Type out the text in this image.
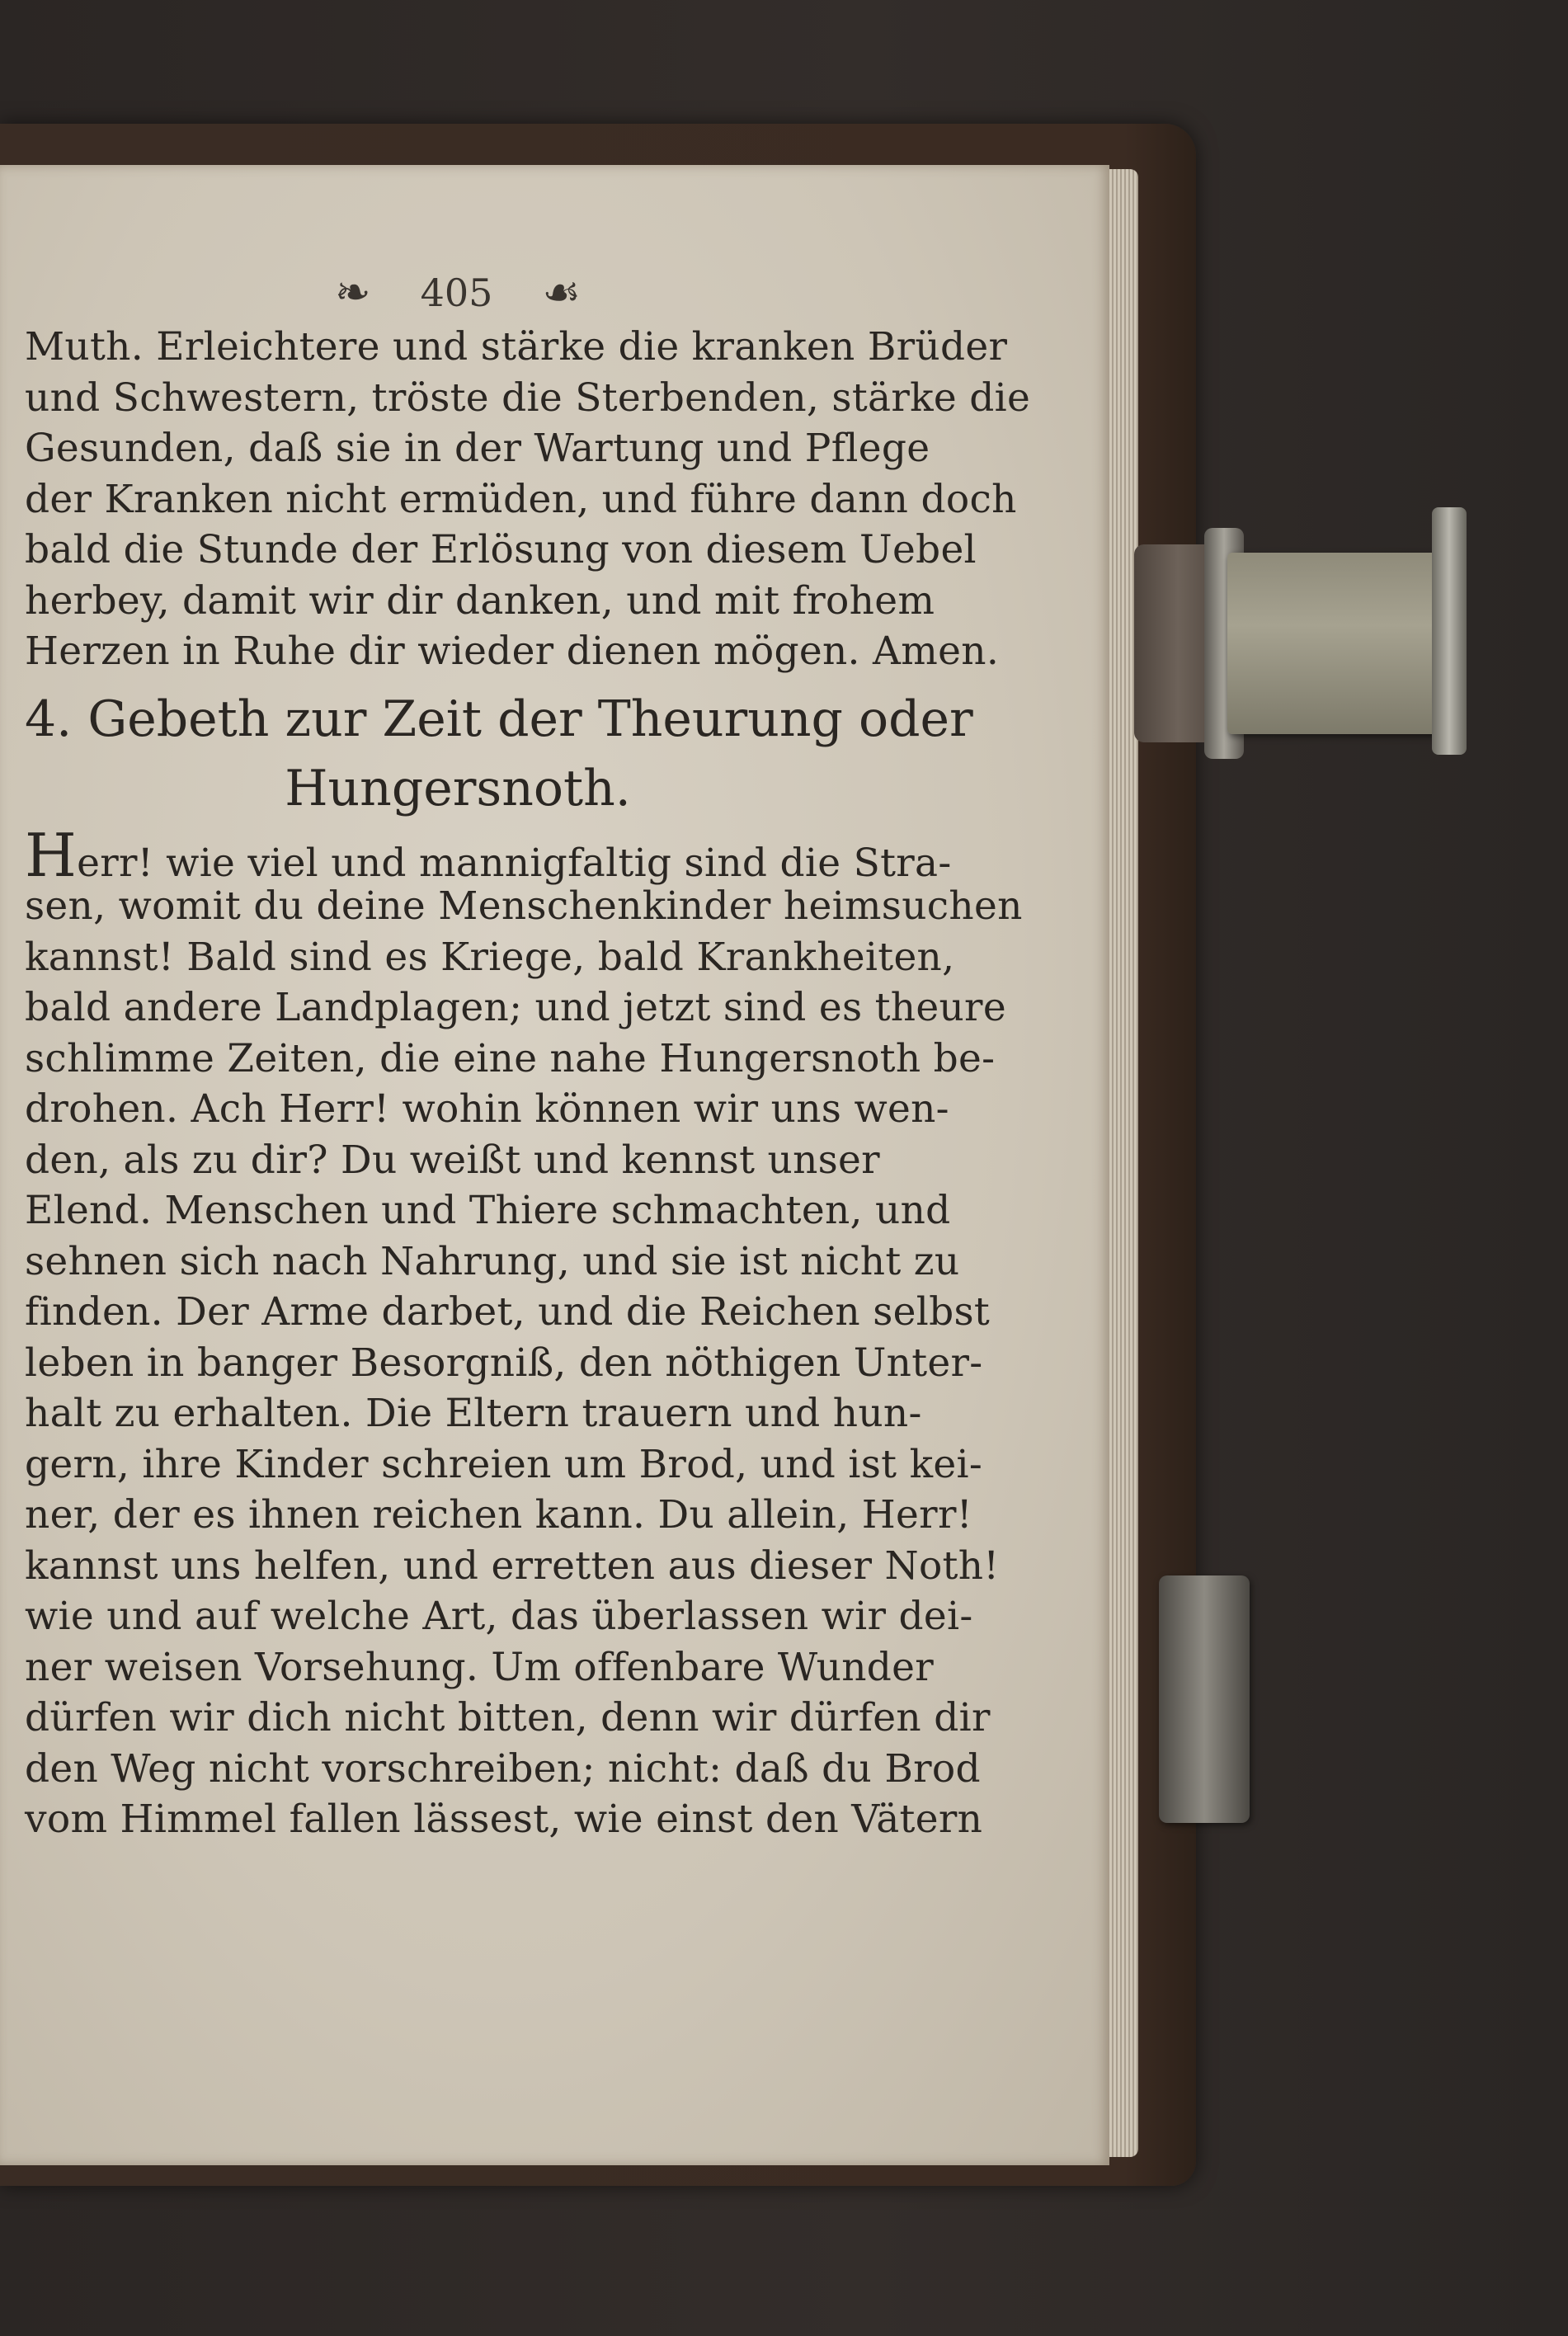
❧ 405 ☙
Muth. Erleichtere und stärke die kranken Brüder
und Schwestern, tröste die Sterbenden, stärke die
Gesunden, daß sie in der Wartung und Pflege
der Kranken nicht ermüden, und führe dann doch
bald die Stunde der Erlösung von diesem Uebel
herbey, damit wir dir danken, und mit frohem
Herzen in Ruhe dir wieder dienen mögen. Amen.
4. Gebeth zur Zeit der Theurung oder
Hungersnoth.
Herr! wie viel und mannigfaltig sind die Stra-
sen, womit du deine Menschenkinder heimsuchen
kannst! Bald sind es Kriege, bald Krankheiten,
bald andere Landplagen; und jetzt sind es theure
schlimme Zeiten, die eine nahe Hungersnoth be-
drohen. Ach Herr! wohin können wir uns wen-
den, als zu dir? Du weißt und kennst unser
Elend. Menschen und Thiere schmachten, und
sehnen sich nach Nahrung, und sie ist nicht zu
finden. Der Arme darbet, und die Reichen selbst
leben in banger Besorgniß, den nöthigen Unter-
halt zu erhalten. Die Eltern trauern und hun-
gern, ihre Kinder schreien um Brod, und ist kei-
ner, der es ihnen reichen kann. Du allein, Herr!
kannst uns helfen, und erretten aus dieser Noth!
wie und auf welche Art, das überlassen wir dei-
ner weisen Vorsehung. Um offenbare Wunder
dürfen wir dich nicht bitten, denn wir dürfen dir
den Weg nicht vorschreiben; nicht: daß du Brod
vom Himmel fallen lässest, wie einst den Vätern
